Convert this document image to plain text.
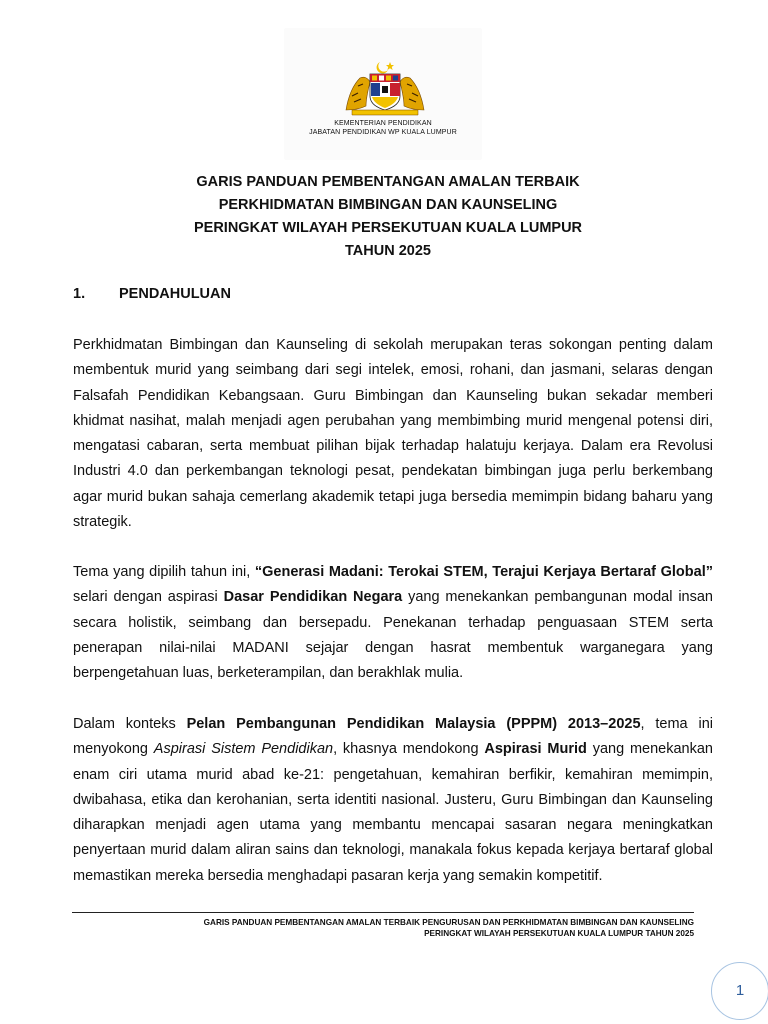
KEMENTERIAN PENDIDIKAN
JABATAN PENDIDIKAN WP KUALA LUMPUR
GARIS PANDUAN PEMBENTANGAN AMALAN TERBAIK
PERKHIDMATAN BIMBINGAN DAN KAUNSELING
PERINGKAT WILAYAH PERSEKUTUAN KUALA LUMPUR
TAHUN 2025
1. PENDAHULUAN
Perkhidmatan Bimbingan dan Kaunseling di sekolah merupakan teras sokongan penting dalam membentuk murid yang seimbang dari segi intelek, emosi, rohani, dan jasmani, selaras dengan Falsafah Pendidikan Kebangsaan. Guru Bimbingan dan Kaunseling bukan sekadar memberi khidmat nasihat, malah menjadi agen perubahan yang membimbing murid mengenal potensi diri, mengatasi cabaran, serta membuat pilihan bijak terhadap halatuju kerjaya. Dalam era Revolusi Industri 4.0 dan perkembangan teknologi pesat, pendekatan bimbingan juga perlu berkembang agar murid bukan sahaja cemerlang akademik tetapi juga bersedia memimpin bidang baharu yang strategik.
Tema yang dipilih tahun ini, “Generasi Madani: Terokai STEM, Terajui Kerjaya Bertaraf Global” selari dengan aspirasi Dasar Pendidikan Negara yang menekankan pembangunan modal insan secara holistik, seimbang dan bersepadu. Penekanan terhadap penguasaan STEM serta penerapan nilai-nilai MADANI sejajar dengan hasrat membentuk warganegara yang berpengetahuan luas, berketerampilan, dan berakhlak mulia.
Dalam konteks Pelan Pembangunan Pendidikan Malaysia (PPPM) 2013–2025, tema ini menyokong Aspirasi Sistem Pendidikan, khasnya mendokong Aspirasi Murid yang menekankan enam ciri utama murid abad ke-21: pengetahuan, kemahiran berfikir, kemahiran memimpin, dwibahasa, etika dan kerohanian, serta identiti nasional. Justeru, Guru Bimbingan dan Kaunseling diharapkan menjadi agen utama yang membantu mencapai sasaran negara meningkatkan penyertaan murid dalam aliran sains dan teknologi, manakala fokus kepada kerjaya bertaraf global memastikan mereka bersedia menghadapi pasaran kerja yang semakin kompetitif.
GARIS PANDUAN PEMBENTANGAN AMALAN TERBAIK PENGURUSAN DAN PERKHIDMATAN BIMBINGAN DAN KAUNSELING
PERINGKAT WILAYAH PERSEKUTUAN KUALA LUMPUR TAHUN 2025
1
